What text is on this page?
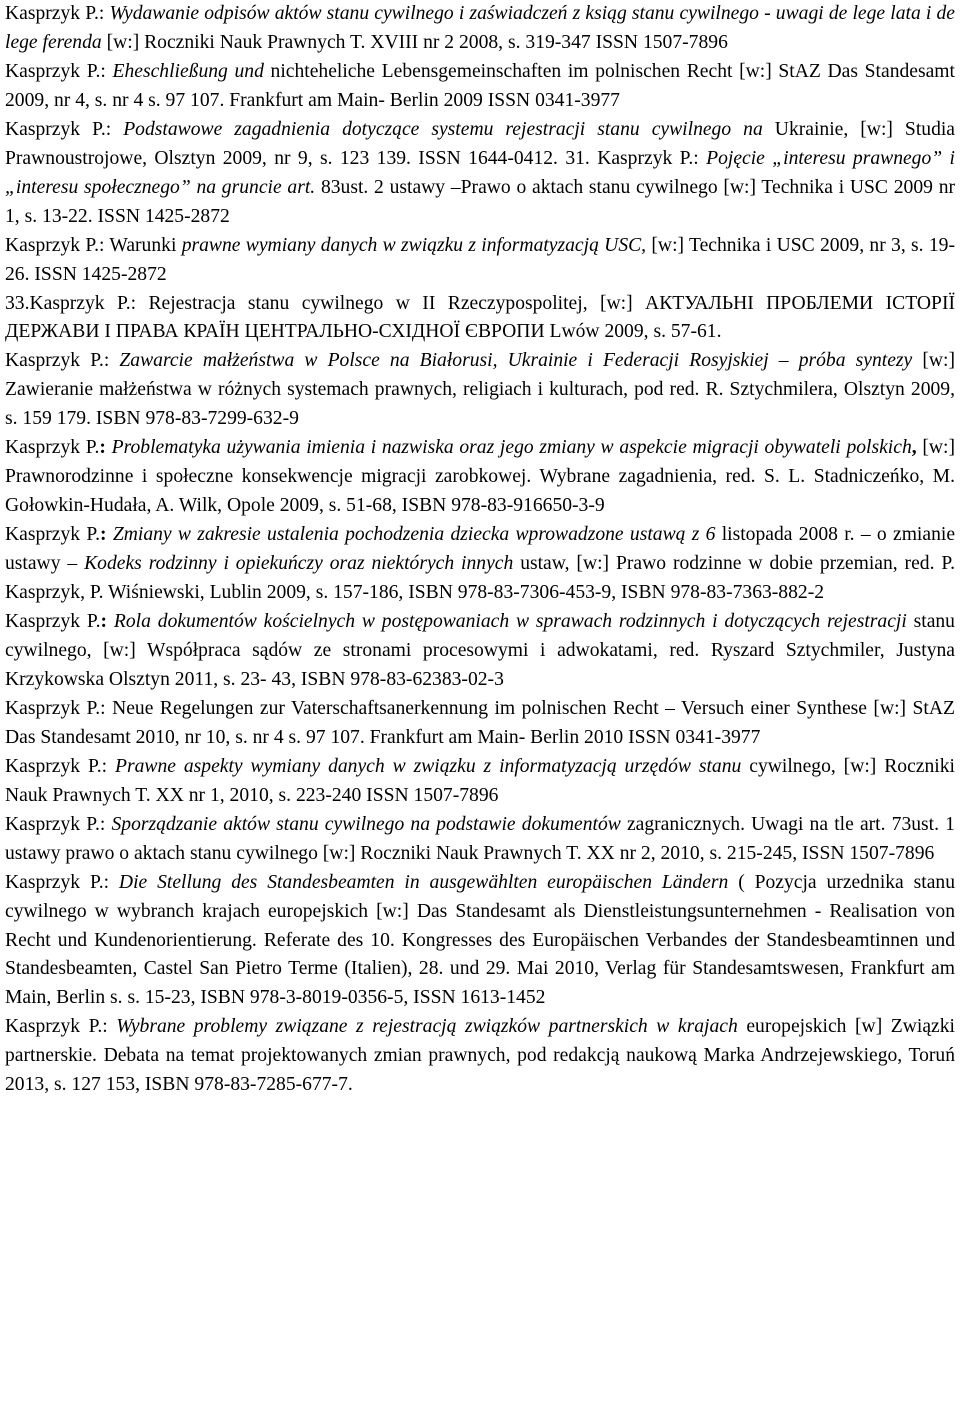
Kasprzyk P.: Wydawanie odpisów aktów stanu cywilnego i zaświadczeń z ksiąg stanu cywilnego - uwagi de lege lata i de lege ferenda [w:] Roczniki Nauk Prawnych T. XVIII nr 2 2008, s. 319-347 ISSN 1507-7896

Kasprzyk P.: Eheschließung und nichteheliche Lebensgemeinschaften im polnischen Recht [w:] StAZ Das Standesamt 2009, nr 4, s. nr 4 s. 97 107. Frankfurt am Main- Berlin 2009 ISSN 0341-3977

Kasprzyk P.: Podstawowe zagadnienia dotyczące systemu rejestracji stanu cywilnego na Ukrainie, [w:] Studia Prawnoustrojowe, Olsztyn 2009, nr 9, s. 123 139. ISSN 1644-0412. 31. Kasprzyk P.: Pojęcie „interesu prawnego” i „interesu społecznego” na gruncie art. 83ust. 2 ustawy –Prawo o aktach stanu cywilnego [w:] Technika i USC 2009 nr 1, s. 13-22. ISSN 1425-2872

Kasprzyk P.: Warunki prawne wymiany danych w związku z informatyzacją USC, [w:] Technika i USC 2009, nr 3, s. 19-26. ISSN 1425-2872

33.Kasprzyk P.: Rejestracja stanu cywilnego w II Rzeczypospolitej, [w:] АКТУАЛЬНІ ПРОБЛЕМИ ІСТОРІЇ ДЕРЖАВИ І ПРАВА КРАЇН ЦЕНТРАЛЬНО-СХІДНОЇ ЄВРОПИ Lwów 2009, s. 57-61.

Kasprzyk P.: Zawarcie małżeństwa w Polsce na Białorusi, Ukrainie i Federacji Rosyjskiej – próba syntezy [w:] Zawieranie małżeństwa w różnych systemach prawnych, religiach i kulturach, pod red. R. Sztychmilera, Olsztyn 2009, s. 159 179. ISBN 978-83-7299-632-9

Kasprzyk P.: Problematyka używania imienia i nazwiska oraz jego zmiany w aspekcie migracji obywateli polskich, [w:] Prawnorodzinne i społeczne konsekwencje migracji zarobkowej. Wybrane zagadnienia, red. S. L. Stadniczeńko, M. Gołowkin-Hudała, A. Wilk, Opole 2009, s. 51-68, ISBN 978-83-916650-3-9

Kasprzyk P.: Zmiany w zakresie ustalenia pochodzenia dziecka wprowadzone ustawą z 6 listopada 2008 r. – o zmianie ustawy – Kodeks rodzinny i opiekuńczy oraz niektórych innych ustaw, [w:] Prawo rodzinne w dobie przemian, red. P. Kasprzyk, P. Wiśniewski, Lublin 2009, s. 157-186, ISBN 978-83-7306-453-9, ISBN 978-83-7363-882-2

Kasprzyk P.: Rola dokumentów kościelnych w postępowaniach w sprawach rodzinnych i dotyczących rejestracji stanu cywilnego, [w:] Współpraca sądów ze stronami procesowymi i adwokatami, red. Ryszard Sztychmiler, Justyna Krzykowska Olsztyn 2011, s. 23- 43, ISBN 978-83-62383-02-3

Kasprzyk P.: Neue Regelungen zur Vaterschaftsanerkennung im polnischen Recht – Versuch einer Synthese [w:] StAZ Das Standesamt 2010, nr 10, s. nr 4 s. 97 107. Frankfurt am Main- Berlin 2010 ISSN 0341-3977

Kasprzyk P.: Prawne aspekty wymiany danych w związku z informatyzacją urzędów stanu cywilnego, [w:] Roczniki Nauk Prawnych T. XX nr 1, 2010, s. 223-240 ISSN 1507-7896

Kasprzyk P.: Sporządzanie aktów stanu cywilnego na podstawie dokumentów zagranicznych. Uwagi na tle art. 73ust. 1 ustawy prawo o aktach stanu cywilnego [w:] Roczniki Nauk Prawnych T. XX nr 2, 2010, s. 215-245, ISSN 1507-7896

Kasprzyk P.: Die Stellung des Standesbeamten in ausgewählten europäischen Ländern ( Pozycja urzednika stanu cywilnego w wybranch krajach europejskich [w:] Das Standesamt als Dienstleistungsunternehmen - Realisation von Recht und Kundenorientierung. Referate des 10. Kongresses des Europäischen Verbandes der Standesbeamtinnen und Standesbeamten, Castel San Pietro Terme (Italien), 28. und 29. Mai 2010, Verlag für Standesamtswesen, Frankfurt am Main, Berlin s. s. 15-23, ISBN 978-3-8019-0356-5, ISSN 1613-1452

Kasprzyk P.: Wybrane problemy związane z rejestracją związków partnerskich w krajach europejskich [w] Związki partnerskie. Debata na temat projektowanych zmian prawnych, pod redakcją naukową Marka Andrzejewskiego, Toruń 2013, s. 127 153, ISBN 978-83-7285-677-7.
